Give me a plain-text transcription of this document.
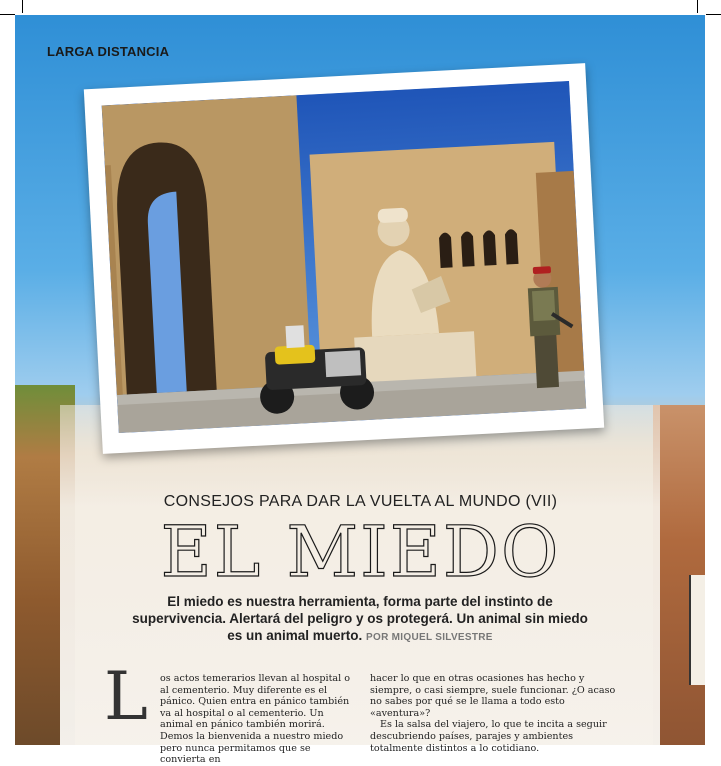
LARGA DISTANCIA
CONSEJOS PARA DAR LA VUELTA AL MUNDO (VII)
EL MIEDO
El miedo es nuestra herramienta, forma parte del instinto de supervivencia. Alertará del peligro y os protegerá. Un animal sin miedo es un animal muerto. POR MIQUEL SILVESTRE
L os actos temerarios llevan al hospital o al cementerio. Muy diferente es el pánico. Quien entra en pánico también va al hospital o al cementerio. Un animal en pánico también morirá. Demos la bienvenida a nuestro miedo pero nunca permitamos que se convierta en

hacer lo que en otras ocasiones has hecho y siempre, o casi siempre, suele funcionar. ¿O acaso no sabes por qué se le llama a todo esto «aventura»?

Es la salsa del viajero, lo que te incita a seguir descubriendo países, parajes y ambientes totalmente distintos a lo cotidiano.
